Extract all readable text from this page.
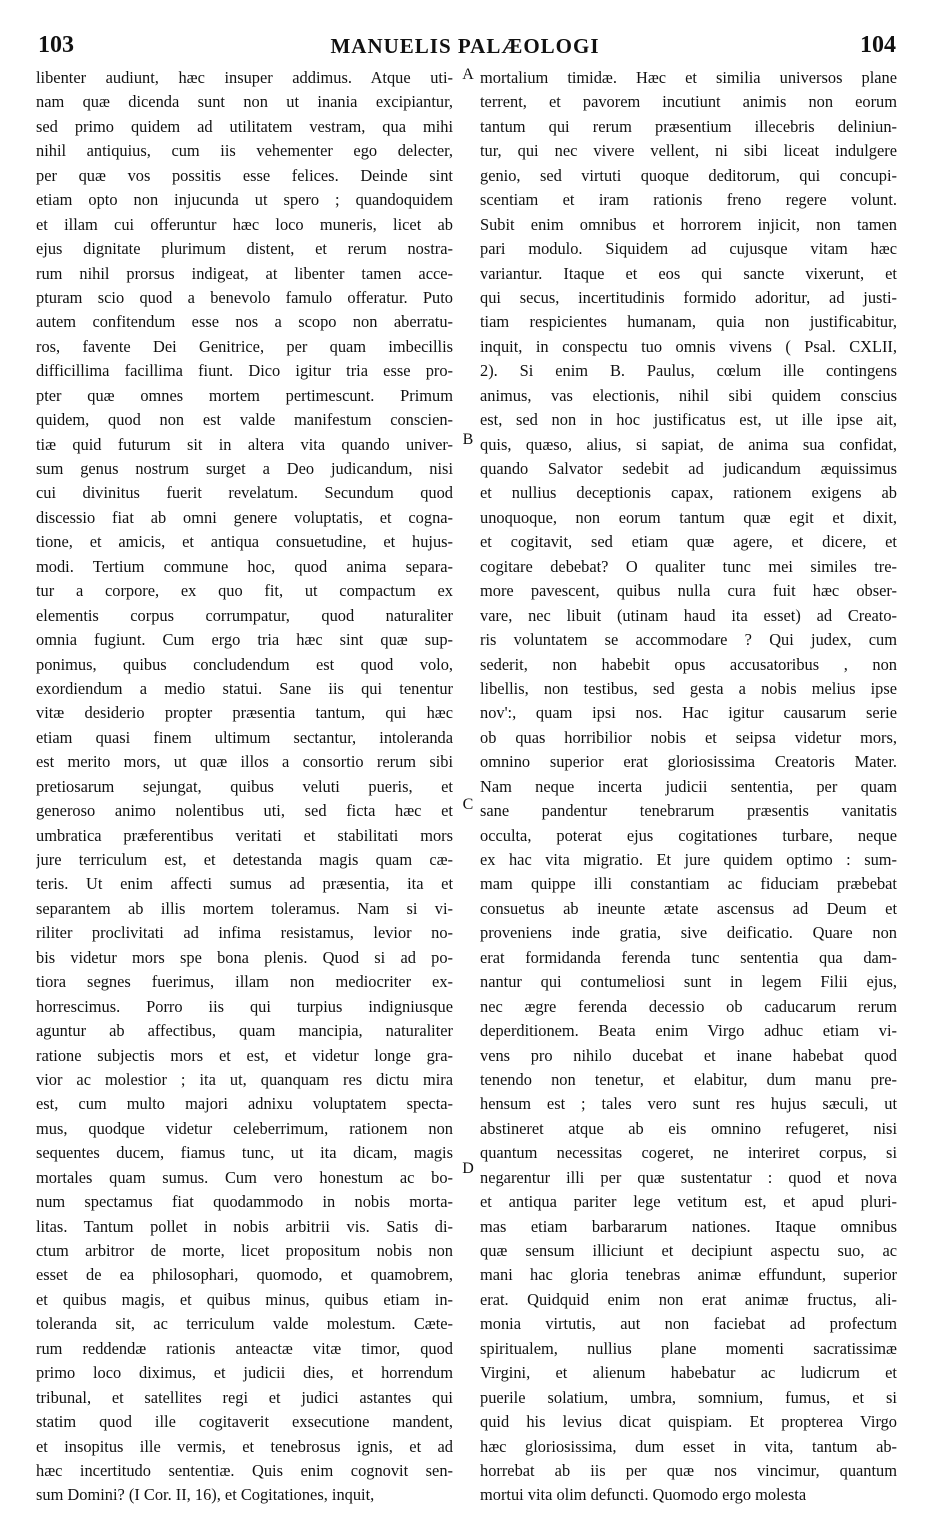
103	MANUELIS PALÆOLOGI	104
libenter audiunt, hæc insuper addimus. Atque uti-
nam quæ dicenda sunt non ut inania excipiantur,
sed primo quidem ad utilitatem vestram, qua mihi
nihil antiquius, cum iis vehementer ego delecter,
per quæ vos possitis esse felices. Deinde sint
etiam opto non injucunda ut spero ; quandoquidem
et illam cui offeruntur hæc loco muneris, licet ab
ejus dignitate plurimum distent, et rerum nostra-
rum nihil prorsus indigeat, at libenter tamen acce-
pturam scio quod a benevolo famulo offeratur. Puto
autem confitendum esse nos a scopo non aberratu-
ros, favente Dei Genitrice, per quam imbecillis
difficillima facillima fiunt. Dico igitur tria esse pro-
pter quæ omnes mortem pertimescunt. Primum
quidem, quod non est valde manifestum conscien-
tiæ quid futurum sit in altera vita quando univer-
sum genus nostrum surget a Deo judicandum, nisi
cui divinitus fuerit revelatum. Secundum quod
discessio fiat ab omni genere voluptatis, et cogna-
tione, et amicis, et antiqua consuetudine, et hujus-
modi. Tertium commune hoc, quod anima separa-
tur a corpore, ex quo fit, ut compactum ex
elementis corpus corrumpatur, quod naturaliter
omnia fugiunt. Cum ergo tria hæc sint quæ sup-
ponimus, quibus concludendum est quod volo,
exordiendum a medio statui. Sane iis qui tenentur
vitæ desiderio propter præsentia tantum, qui hæc
etiam quasi finem ultimum sectantur, intoleranda
est merito mors, ut quæ illos a consortio rerum sibi
pretiosarum sejungat, quibus veluti pueris, et
generoso animo nolentibus uti, sed ficta hæc et
umbratica præferentibus veritati et stabilitati mors
jure terriculum est, et detestanda magis quam cæ-
teris. Ut enim affecti sumus ad præsentia, ita et
separantem ab illis mortem toleramus. Nam si vi-
riliter proclivitati ad infima resistamus, levior no-
bis videtur mors spe bona plenis. Quod si ad po-
tiora segnes fuerimus, illam non mediocriter ex-
horrescimus. Porro iis qui turpius indigniusque
aguntur ab affectibus, quam mancipia, naturaliter
ratione subjectis mors et est, et videtur longe gra-
vior ac molestior ; ita ut, quanquam res dictu mira
est, cum multo majori adnixu voluptatem specta-
mus, quodque videtur celeberrimum, rationem non
sequentes ducem, fiamus tunc, ut ita dicam, magis
mortales quam sumus. Cum vero honestum ac bo-
num spectamus fiat quodammodo in nobis morta-
litas. Tantum pollet in nobis arbitrii vis. Satis di-
ctum arbitror de morte, licet propositum nobis non
esset de ea philosophari, quomodo, et quamobrem,
et quibus magis, et quibus minus, quibus etiam in-
toleranda sit, ac terriculum valde molestum. Cæte-
rum reddendæ rationis anteactæ vitæ timor, quod
primo loco diximus, et judicii dies, et horrendum
tribunal, et satellites regi et judici astantes qui
statim quod ille cogitaverit exsecutione mandent,
et insopitus ille vermis, et tenebrosus ignis, et ad
hæc incertitudo sententiæ. Quis enim cognovit sen-
sum Domini? (I Cor. II, 16), et Cogitationes, inquit,
mortalium timidæ. Hæc et similia universos plane
terrent, et pavorem incutiunt animis non eorum
tantum qui rerum præsentium illecebris deliniun-
tur, qui nec vivere vellent, ni sibi liceat indulgere
genio, sed virtuti quoque deditorum, qui concupi-
scentiam et iram rationis freno regere volunt.
Subit enim omnibus et horrorem injicit, non tamen
pari modulo. Siquidem ad cujusque vitam hæc
variantur. Itaque et eos qui sancte vixerunt, et
qui secus, incertitudinis formido adoritur, ad justi-
tiam respicientes humanam, quia non justificabitur,
inquit, in conspectu tuo omnis vivens ( Psal. CXLII,
2). Si enim B. Paulus, cœlum ille contingens
animus, vas electionis, nihil sibi quidem conscius
est, sed non in hoc justificatus est, ut ille ipse ait,
quis, quæso, alius, si sapiat, de anima sua confidat,
quando Salvator sedebit ad judicandum æquissimus
et nullius deceptionis capax, rationem exigens ab
unoquoque, non eorum tantum quæ egit et dixit,
et cogitavit, sed etiam quæ agere, et dicere, et
cogitare debebat? O qualiter tunc mei similes tre-
more pavescent, quibus nulla cura fuit hæc obser-
vare, nec libuit (utinam haud ita esset) ad Creato-
ris voluntatem se accommodare ? Qui judex, cum
sederit, non habebit opus accusatoribus , non
libellis, non testibus, sed gesta a nobis melius ipse
nov':, quam ipsi nos. Hac igitur causarum serie
ob quas horribilior nobis et seipsa videtur mors,
omnino superior erat gloriosissima Creatoris Mater.
Nam neque incerta judicii sententia, per quam
sane pandentur tenebrarum præsentis vanitatis
occulta, poterat ejus cogitationes turbare, neque
ex hac vita migratio. Et jure quidem optimo : sum-
mam quippe illi constantiam ac fiduciam præbebat
consuetus ab ineunte ætate ascensus ad Deum et
proveniens inde gratia, sive deificatio. Quare non
erat formidanda ferenda tunc sententia qua dam-
nantur qui contumeliosi sunt in legem Filii ejus,
nec ægre ferenda decessio ob caducarum rerum
deperditionem. Beata enim Virgo adhuc etiam vi-
vens pro nihilo ducebat et inane habebat quod
tenendo non tenetur, et elabitur, dum manu pre-
hensum est ; tales vero sunt res hujus sæculi, ut
abstineret atque ab eis omnino refugeret, nisi
quantum necessitas cogeret, ne interiret corpus, si
negarentur illi per quæ sustentatur : quod et nova
et antiqua pariter lege vetitum est, et apud pluri-
mas etiam barbararum nationes. Itaque omnibus
quæ sensum illiciunt et decipiunt aspectu suo, ac
mani hac gloria tenebras animæ effundunt, superior
erat. Quidquid enim non erat animæ fructus, ali-
monia virtutis, aut non faciebat ad profectum
spiritualem, nullius plane momenti sacratissimæ
Virgini, et alienum habebatur ac ludicrum et
puerile solatium, umbra, somnium, fumus, et si
quid his levius dicat quispiam. Et propterea Virgo
hæc gloriosissima, dum esset in vita, tantum ab-
horrebat ab iis per quæ nos vincimur, quantum
mortui vita olim defuncti. Quomodo ergo molesta
A
B
C
D
